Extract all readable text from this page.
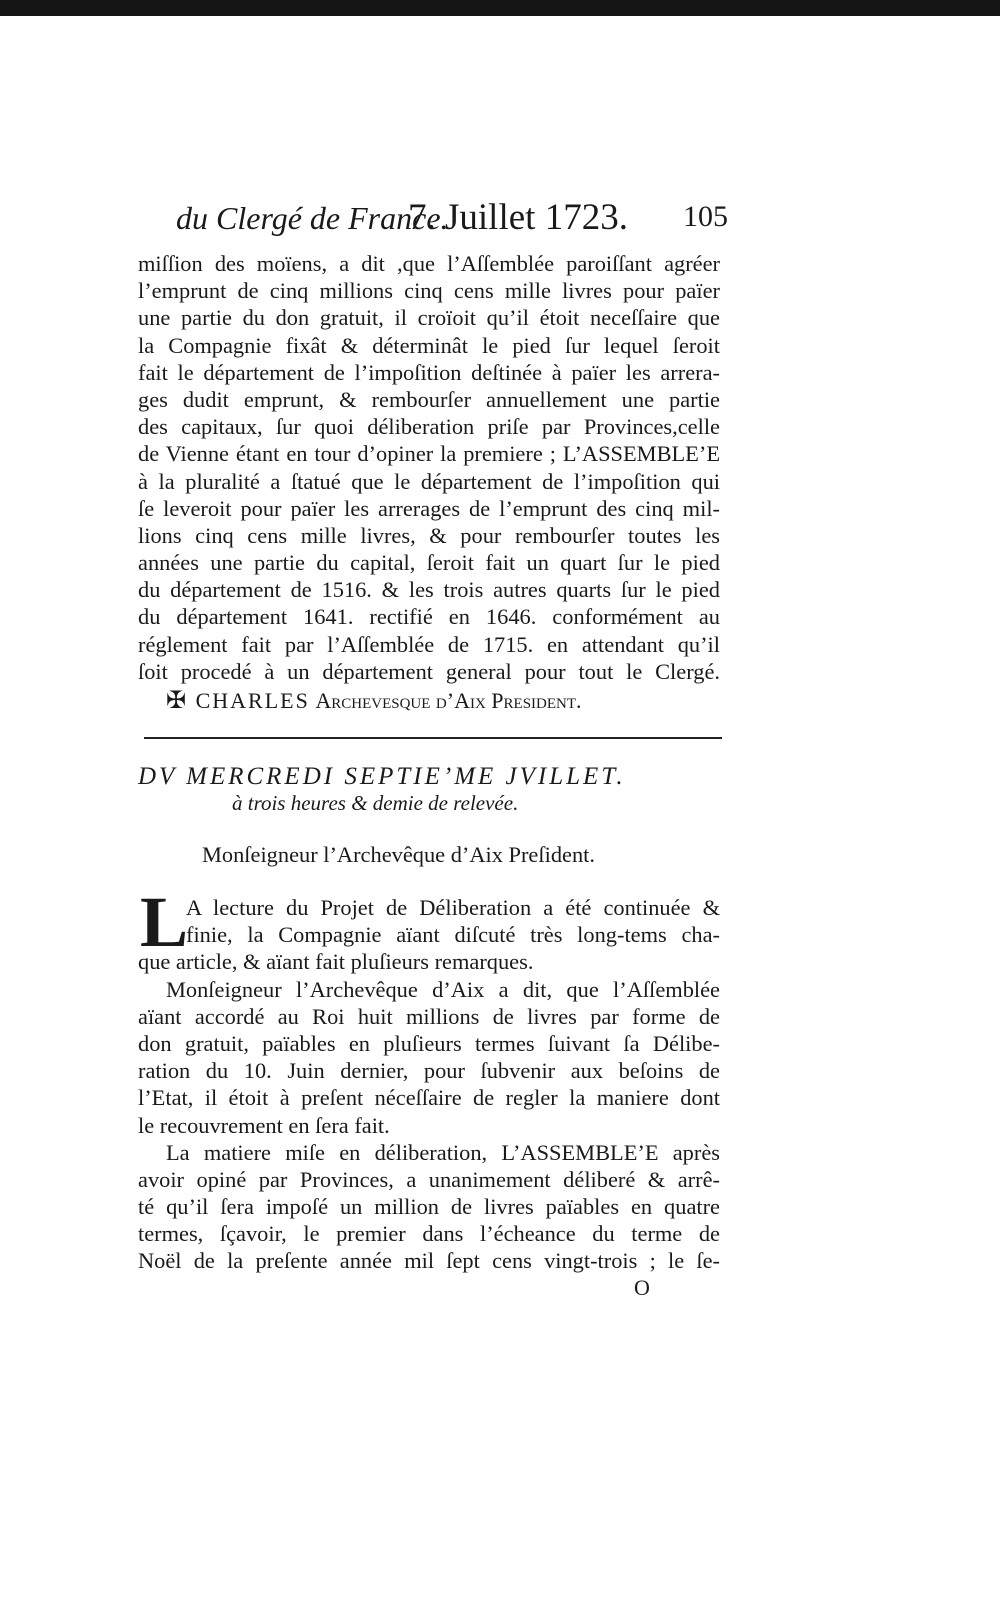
du Clergé de France.
7. Juillet 1723. 105
miſſion des moïens, a dit ,que l’Aſſemblée paroiſſant agréer
l’emprunt de cinq millions cinq cens mille livres pour païer
une partie du don gratuit, il croïoit qu’il étoit neceſſaire que
la Compagnie fixât & déterminât le pied ſur lequel ſeroit
fait le département de l’impoſition deſtinée à païer les arrera-
ges dudit emprunt, & rembourſer annuellement une partie
des capitaux, ſur quoi déliberation priſe par Provinces,celle
de Vienne étant en tour d’opiner la premiere ; L’ASSEMBLE’E
à la pluralité a ſtatué que le département de l’impoſition qui
ſe leveroit pour païer les arrerages de l’emprunt des cinq mil-
lions cinq cens mille livres, & pour rembourſer toutes les
années une partie du capital, ſeroit fait un quart ſur le pied
du département de 1516. & les trois autres quarts ſur le pied
du département 1641. rectifié en 1646. conformément au
réglement fait par l’Aſſemblée de 1715. en attendant qu’il
ſoit procedé à un département general pour tout le Clergé.
✠ CHARLES Archevesque d’Aix President.
DV MERCREDI SEPTIE’ME JVILLET.
à trois heures & demie de relevée.
Monſeigneur l’Archevêque d’Aix Preſident.
L
A lecture du Projet de Déliberation a été continuée &
finie, la Compagnie aïant diſcuté très long-tems cha-
que article, & aïant fait pluſieurs remarques.
Monſeigneur l’Archevêque d’Aix a dit, que l’Aſſemblée
aïant accordé au Roi huit millions de livres par forme de
don gratuit, païables en pluſieurs termes ſuivant ſa Délibe-
ration du 10. Juin dernier, pour ſubvenir aux beſoins de
l’Etat, il étoit à preſent néceſſaire de regler la maniere dont
le recouvrement en ſera fait.
La matiere miſe en déliberation, L’ASSEMBLE’E après
avoir opiné par Provinces, a unanimement déliberé & arrê-
té qu’il ſera impoſé un million de livres païables en quatre
termes, ſçavoir, le premier dans l’écheance du terme de
Noël de la preſente année mil ſept cens vingt-trois ; le ſe-
O
